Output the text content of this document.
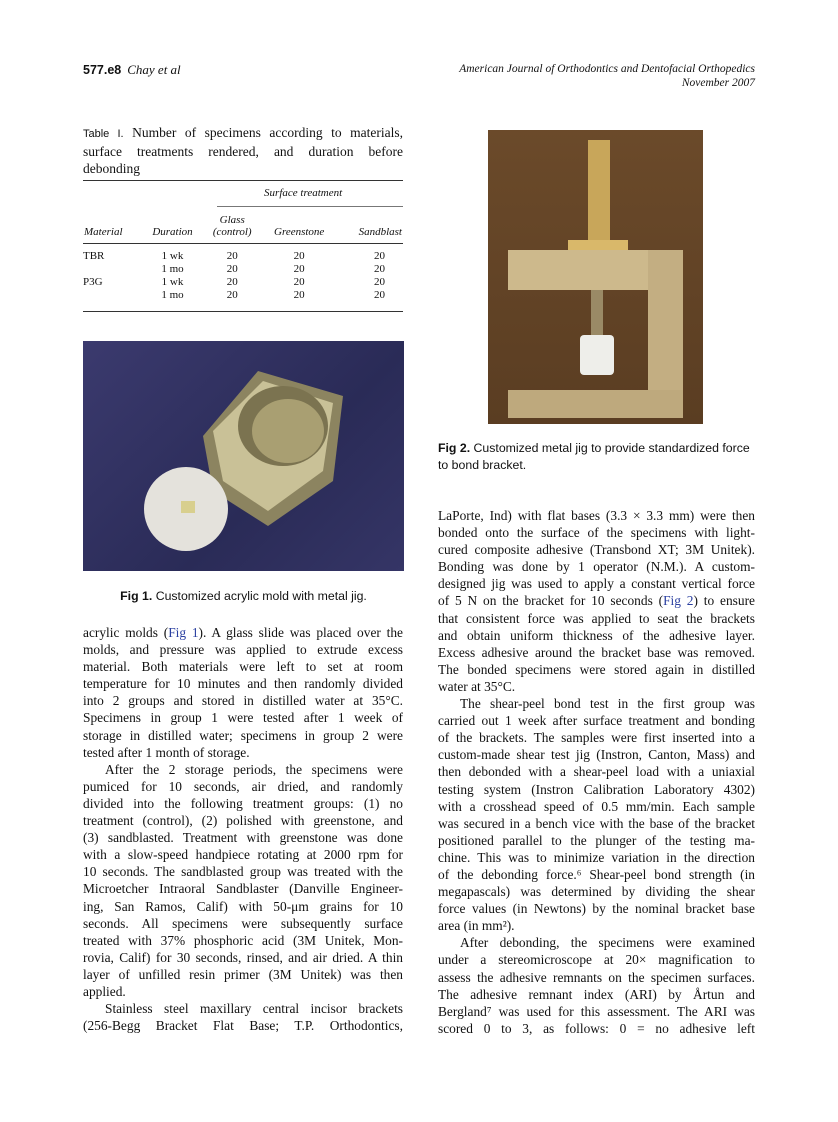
577.e8 Chay et al	American Journal of Orthodontics and Dentofacial Orthopedics
November 2007
Table I. Number of specimens according to materials, surface treatments rendered, and duration before debonding
		Surface treatment		
Material	Duration	Glass (control)	Greenstone	Sandblast
TBR	1 wk	20	20	20
	1 mo	20	20	20
P3G	1 wk	20	20	20
	1 mo	20	20	20
Fig 1. Customized acrylic mold with metal jig.
Fig 2. Customized metal jig to provide standardized force to bond bracket.
acrylic molds (Fig 1). A glass slide was placed over the
molds, and pressure was applied to extrude excess
material. Both materials were left to set at room
temperature for 10 minutes and then randomly divided
into 2 groups and stored in distilled water at 35°C.
Specimens in group 1 were tested after 1 week of
storage in distilled water; specimens in group 2 were
tested after 1 month of storage.
After the 2 storage periods, the specimens were
pumiced for 10 seconds, air dried, and randomly
divided into the following treatment groups: (1) no
treatment (control), (2) polished with greenstone, and
(3) sandblasted. Treatment with greenstone was done
with a slow-speed handpiece rotating at 2000 rpm for
10 seconds. The sandblasted group was treated with the
Microetcher Intraoral Sandblaster (Danville Engineer-
ing, San Ramos, Calif) with 50-μm grains for 10
seconds. All specimens were subsequently surface
treated with 37% phosphoric acid (3M Unitek, Mon-
rovia, Calif) for 30 seconds, rinsed, and air dried. A thin
layer of unfilled resin primer (3M Unitek) was then
applied.
Stainless steel maxillary central incisor brackets
(256-Begg Bracket Flat Base; T.P. Orthodontics,
LaPorte, Ind) with flat bases (3.3 × 3.3 mm) were then
bonded onto the surface of the specimens with light-
cured composite adhesive (Transbond XT; 3M Unitek).
Bonding was done by 1 operator (N.M.). A custom-
designed jig was used to apply a constant vertical force
of 5 N on the bracket for 10 seconds (Fig 2) to ensure
that consistent force was applied to seat the brackets
and obtain uniform thickness of the adhesive layer.
Excess adhesive around the bracket base was removed.
The bonded specimens were stored again in distilled
water at 35°C.
The shear-peel bond test in the first group was
carried out 1 week after surface treatment and bonding
of the brackets. The samples were first inserted into a
custom-made shear test jig (Instron, Canton, Mass) and
then debonded with a shear-peel load with a uniaxial
testing system (Instron Calibration Laboratory 4302)
with a crosshead speed of 0.5 mm/min. Each sample
was secured in a bench vice with the base of the bracket
positioned parallel to the plunger of the testing ma-
chine. This was to minimize variation in the direction
of the debonding force.⁶ Shear-peel bond strength (in
megapascals) was determined by dividing the shear
force values (in Newtons) by the nominal bracket base
area (in mm²).
After debonding, the specimens were examined
under a stereomicroscope at 20× magnification to
assess the adhesive remnants on the specimen surfaces.
The adhesive remnant index (ARI) by Årtun and
Bergland⁷ was used for this assessment. The ARI was
scored 0 to 3, as follows: 0 = no adhesive left
